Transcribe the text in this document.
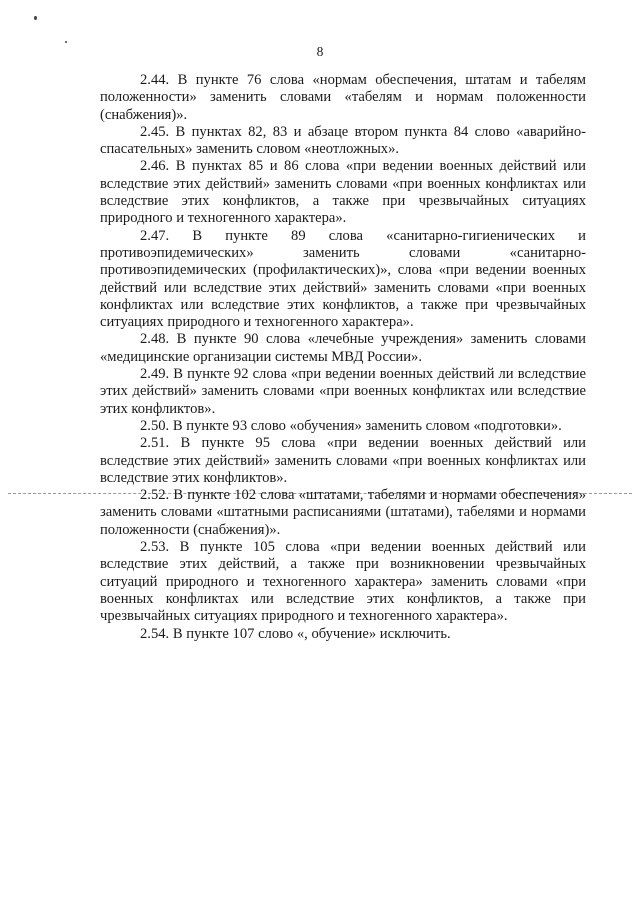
8

2.44. В пункте 76 слова «нормам обеспечения, штатам и табелям положенности» заменить словами «табелям и нормам положенности (снабжения)».

2.45. В пунктах 82, 83 и абзаце втором пункта 84 слово «аварийно-спасательных» заменить словом «неотложных».

2.46. В пунктах 85 и 86 слова «при ведении военных действий или вследствие этих действий» заменить словами «при военных конфликтах или вследствие этих конфликтов, а также при чрезвычайных ситуациях природного и техногенного характера».

2.47. В пункте 89 слова «санитарно-гигиенических и противоэпидемических» заменить словами «санитарно-противоэпидемических (профилактических)», слова «при ведении военных действий или вследствие этих действий» заменить словами «при военных конфликтах или вследствие этих конфликтов, а также при чрезвычайных ситуациях природного и техногенного характера».

2.48. В пункте 90 слова «лечебные учреждения» заменить словами «медицинские организации системы МВД России».

2.49. В пункте 92 слова «при ведении военных действий ли вследствие этих действий» заменить словами «при военных конфликтах или вследствие этих конфликтов».

2.50. В пункте 93 слово «обучения» заменить словом «подготовки».

2.51. В пункте 95 слова «при ведении военных действий или вследствие этих действий» заменить словами «при военных конфликтах или вследствие этих конфликтов».

2.52. В пункте 102 слова «штатами, табелями и нормами обеспечения» заменить словами «штатными расписаниями (штатами), табелями и нормами положенности (снабжения)».

2.53. В пункте 105 слова «при ведении военных действий или вследствие этих действий, а также при возникновении чрезвычайных ситуаций природного и техногенного характера» заменить словами «при военных конфликтах или вследствие этих конфликтов, а также при чрезвычайных ситуациях природного и техногенного характера».

2.54. В пункте 107 слово «, обучение» исключить.
